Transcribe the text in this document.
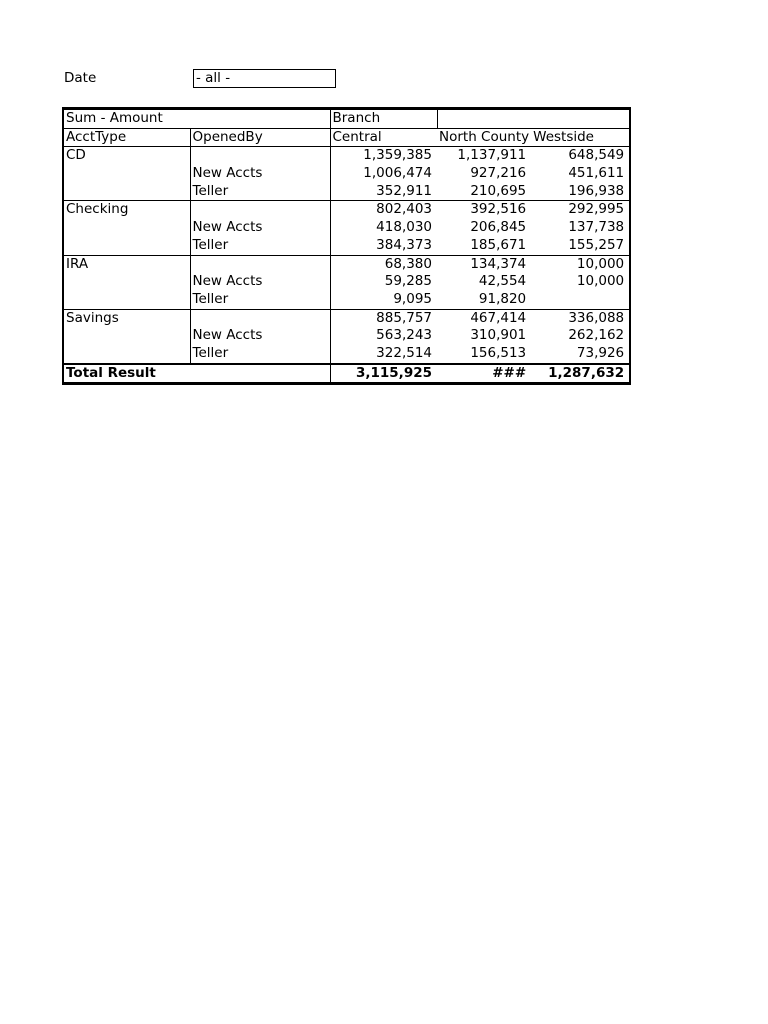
Date	- all -
Sum - Amount		Branch		
AcctType	OpenedBy	Central	North County	Westside
CD		1,359,385	1,137,911	648,549
	New Accts	1,006,474	927,216	451,611
	Teller	352,911	210,695	196,938
Checking		802,403	392,516	292,995
	New Accts	418,030	206,845	137,738
	Teller	384,373	185,671	155,257
IRA		68,380	134,374	10,000
	New Accts	59,285	42,554	10,000
	Teller	9,095	91,820	
Savings		885,757	467,414	336,088
	New Accts	563,243	310,901	262,162
	Teller	322,514	156,513	73,926
Total Result		3,115,925	###	1,287,632
